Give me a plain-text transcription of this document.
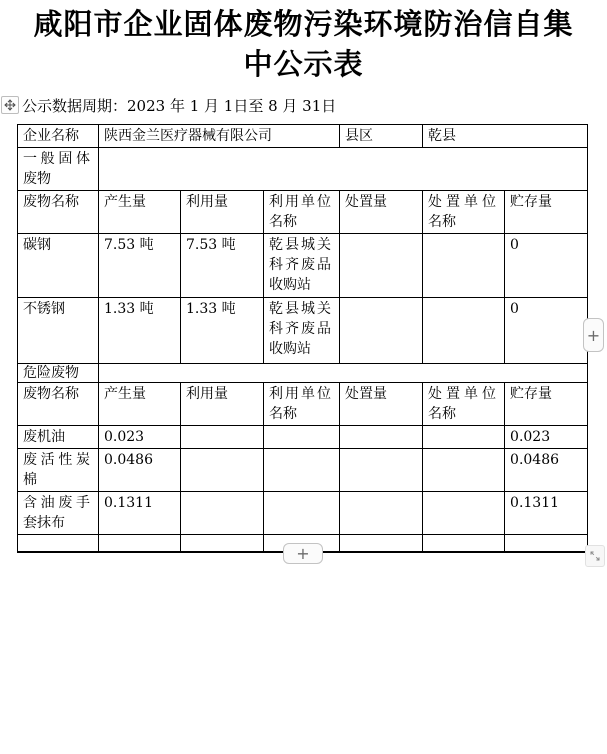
咸阳市企业固体废物污染环境防治信自集
中公示表
公示数据周期：2023 年 1 月 1日至 8 月 31日
企业名称	陕西金兰医疗器械有限公司			县区	乾县	
一般固体废物						
废物名称	产生量	利用量	利用单位名称	处置量	处置单位名称	贮存量
碳钢	7.53 吨	7.53 吨	乾县城关科齐废品收购站			0
不锈钢	1.33 吨	1.33 吨	乾县城关科齐废品收购站			0
危险废物						
废物名称	产生量	利用量	利用单位名称	处置量	处置单位名称	贮存量
废机油	0.023					0.023
废活性炭棉	0.0486					0.0486
含油废手套抹布	0.1311					0.1311

+
+
